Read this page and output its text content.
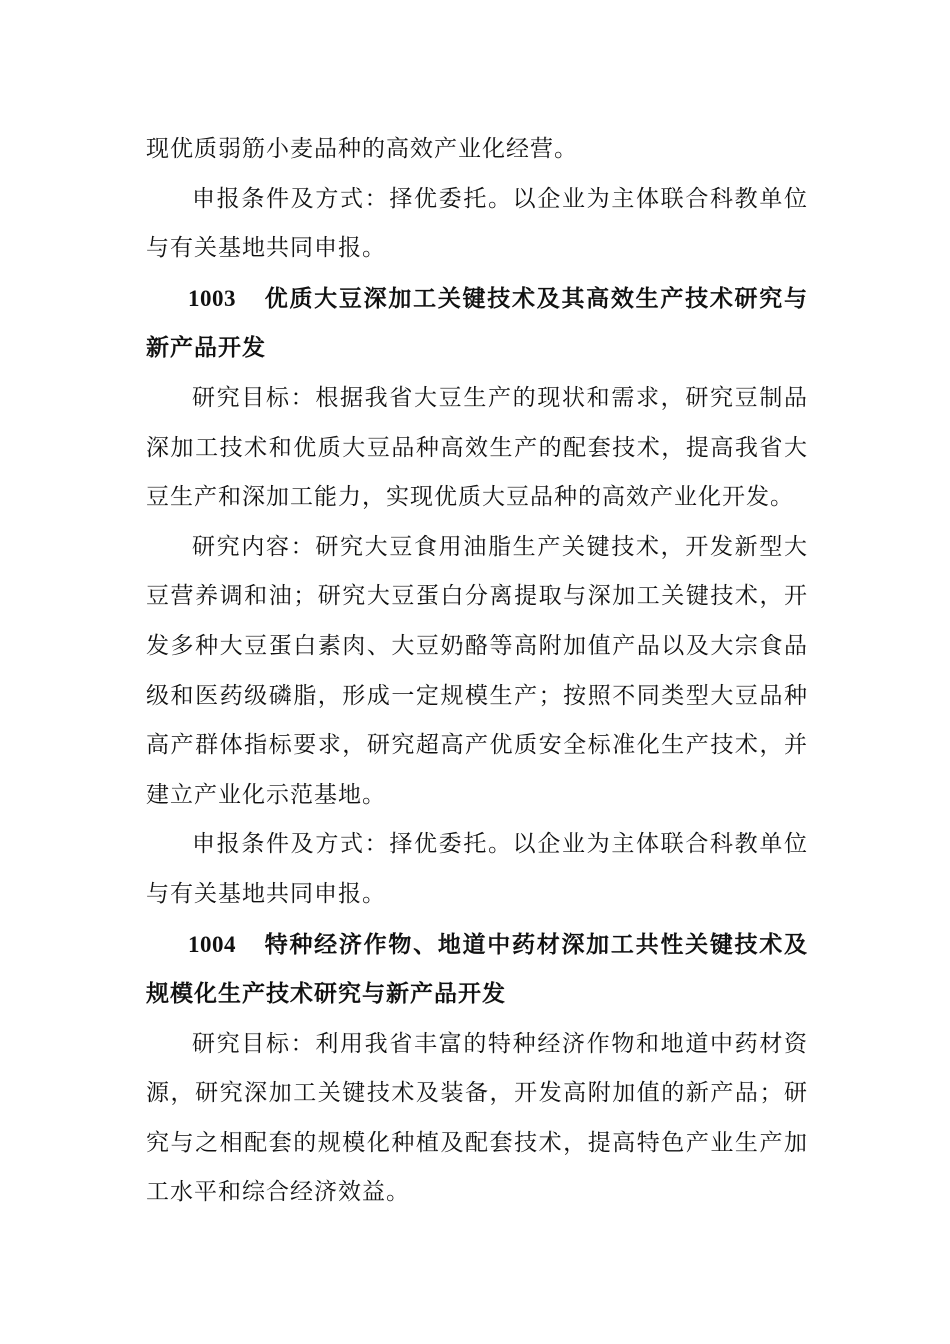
现优质弱筋小麦品种的高效产业化经营。

申报条件及方式：择优委托。以企业为主体联合科教单位与有关基地共同申报。

1003 优质大豆深加工关键技术及其高效生产技术研究与新产品开发

研究目标：根据我省大豆生产的现状和需求，研究豆制品深加工技术和优质大豆品种高效生产的配套技术，提高我省大豆生产和深加工能力，实现优质大豆品种的高效产业化开发。

研究内容：研究大豆食用油脂生产关键技术，开发新型大豆营养调和油；研究大豆蛋白分离提取与深加工关键技术，开发多种大豆蛋白素肉、大豆奶酪等高附加值产品以及大宗食品级和医药级磷脂，形成一定规模生产；按照不同类型大豆品种高产群体指标要求，研究超高产优质安全标准化生产技术，并建立产业化示范基地。

申报条件及方式：择优委托。以企业为主体联合科教单位与有关基地共同申报。

1004 特种经济作物、地道中药材深加工共性关键技术及规模化生产技术研究与新产品开发

研究目标：利用我省丰富的特种经济作物和地道中药材资源，研究深加工关键技术及装备，开发高附加值的新产品；研究与之相配套的规模化种植及配套技术，提高特色产业生产加工水平和综合经济效益。
